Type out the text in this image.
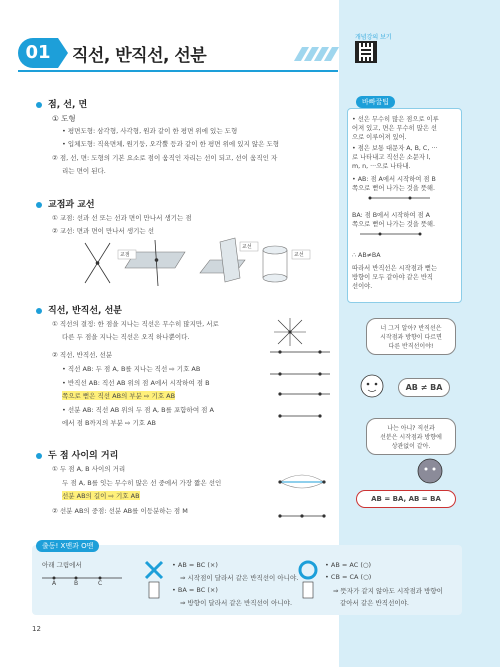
01	직선, 반직선, 선분
개념강의 보기
점, 선, 면
① 도형
• 평면도형: 삼각형, 사각형, 원과 같이 한 평면 위에 있는 도형
• 입체도형: 직육면체, 원기둥, 오각뿔 등과 같이 한 평면 위에 있지 않은 도형
② 점, 선, 면: 도형의 기본 요소로 점이 움직인 자리는 선이 되고, 선이 움직인 자
리는 면이 된다.
교점과 교선
① 교점: 선과 선 또는 선과 면이 만나서 생기는 점
② 교선: 면과 면이 만나서 생기는 선
교점
교선
교선
직선, 반직선, 선분
① 직선의 결정: 한 점을 지나는 직선은 무수히 많지만, 서로
다른 두 점을 지나는 직선은 오직 하나뿐이다.
② 직선, 반직선, 선분
• 직선 AB: 두 점 A, B를 지나는 직선 ⇨ 기호 AB
• 반직선 AB: 직선 AB 위의 점 A에서 시작하여 점 B
쪽으로 뻗은 직선 AB의 부분 ⇨ 기호 AB
• 선분 AB: 직선 AB 위의 두 점 A, B를 포함하여 점 A
에서 점 B까지의 부분 ⇨ 기호 AB
두 점 사이의 거리
① 두 점 A, B 사이의 거리
두 점 A, B를 잇는 무수히 많은 선 중에서 가장 짧은 선인
선분 AB의 길이 ⇨ 기호 AB
② 선분 AB의 중점: 선분 AB를 이등분하는 점 M
바빠꿀팁
• 선은 무수히 많은 점으로 이루
어져 있고, 면은 무수히 많은 선
으로 이루어져 있어.
• 점은 보통 대문자 A, B, C, ···
로 나타내고 직선은 소문자 l,
m, n, ···으로 나타내.
• AB: 점 A에서 시작하여 점 B
쪽으로 뻗어 나가는 것을 뜻해.
BA: 점 B에서 시작하여 점 A
쪽으로 뻗어 나가는 것을 뜻해.
∴ AB≠BA
따라서 반직선은 시작점과 뻗는
방향이 모두 같아야 같은 반직
선이야.
너 그거 알아? 반직선은
시작점과 방향이 다르면
다른 반직선이야!
AB ≠ BA
나는 아니? 직선과
선분은 시작점과 방향에
상관없이 같아.
AB = BA, AB = BA
출동! X맨과 O맨
아래 그림에서
A	B	C
• AB = BC (×)
⇒ 시작점이 달라서 같은 반직선이 아니야.
• BA = BC (×)
⇒ 방향이 달라서 같은 반직선이 아니야.
• AB = AC (○)
• CB = CA (○)
⇒ 뜻자가 같지 않아도 시작점과 방향이
같아서 같은 반직선이야.
12
